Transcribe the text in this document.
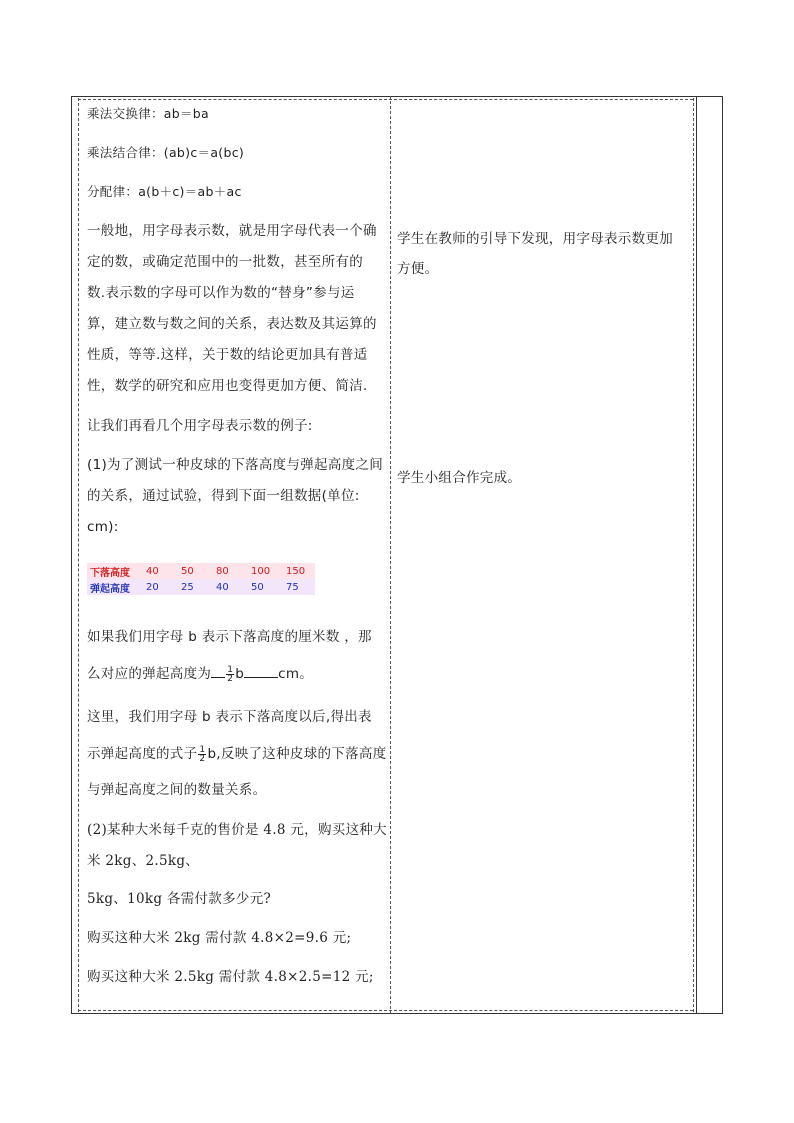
乘法交换律：ab＝ba

乘法结合律：(ab)c＝a(bc)

分配律：a(b＋c)＝ab＋ac

一般地，用字母表示数，就是用字母代表一个确

定的数，或确定范围中的一批数，甚至所有的

数.表示数的字母可以作为数的“替身”参与运

算，建立数与数之间的关系，表达数及其运算的

性质，等等.这样，关于数的结论更加具有普适

性，数学的研究和应用也变得更加方便、简洁.

让我们再看几个用字母表示数的例子:

(1)为了测试一种皮球的下落高度与弹起高度之间

的关系，通过试验，得到下面一组数据(单位:

cm):

下落高度	40	50	80	100	150
弹起高度	20	25	40	50	75

如果我们用字母 b 表示下落高度的厘米数 ，那

么对应的弹起高度为 $\frac{1}{2}$ b	cm。

这里，我们用字母 b 表示下落高度以后,得出表

示弹起高度的式子 $\frac{1}{2} b$,反映了这种皮球的下落高度

与弹起高度之间的数量关系。

(2)某种大米每千克的售价是 4.8 元，购买这种大

米 2kg、2.5kg、

5kg、10kg 各需付款多少元?

购买这种大米 2kg 需付款 4.8×2=9.6 元;

购买这种大米 2.5kg 需付款 4.8×2.5=12 元;

学生在教师的引导下发现，用字母表示数更加

方便。

学生小组合作完成。
